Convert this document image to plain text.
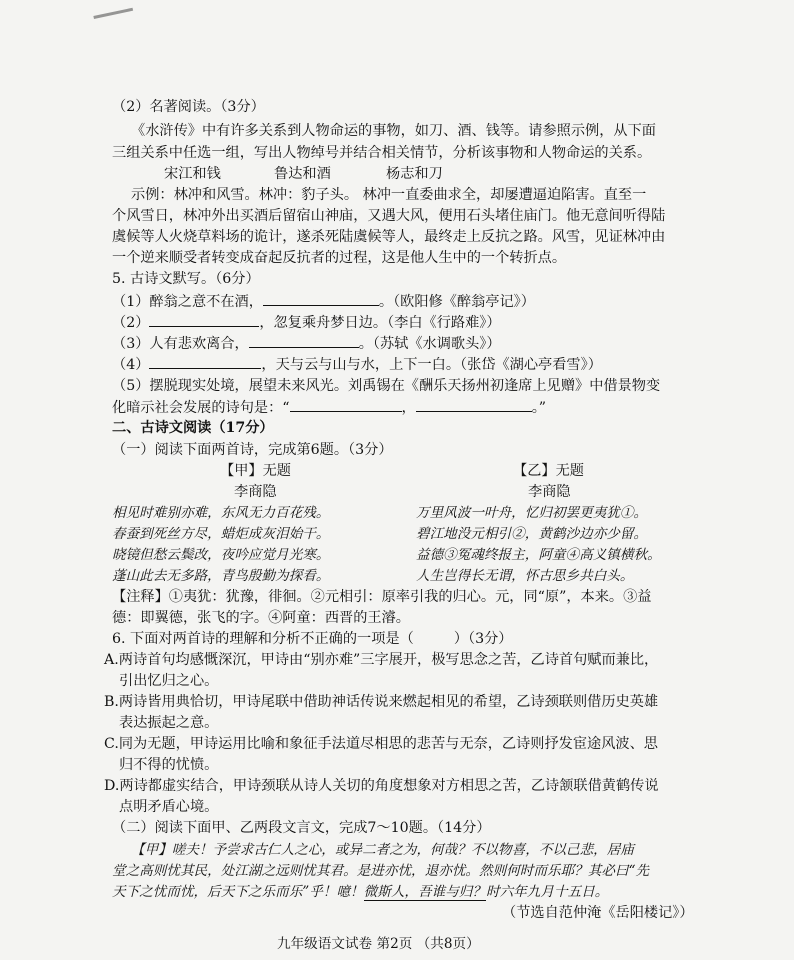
（2）名著阅读。（3分）
《水浒传》中有许多关系到人物命运的事物，如刀、酒、钱等。请参照示例，从下面
三组关系中任选一组，写出人物绰号并结合相关情节，分析该事物和人物命运的关系。
宋江和钱	鲁达和酒	杨志和刀
示例：林冲和风雪。林冲：豹子头。 林冲一直委曲求全，却屡遭逼迫陷害。直至一
个风雪日，林冲外出买酒后留宿山神庙，又遇大风，便用石头堵住庙门。他无意间听得陆
虞候等人火烧草料场的诡计，遂杀死陆虞候等人，最终走上反抗之路。风雪，见证林冲由
一个逆来顺受者转变成奋起反抗者的过程，这是他人生中的一个转折点。
5. 古诗文默写。（6分）
（1）醉翁之意不在酒，	。（欧阳修《醉翁亭记》）
（2）	，忽复乘舟梦日边。（李白《行路难》）
（3）人有悲欢离合，	。（苏轼《水调歌头》）
（4）	，天与云与山与水，上下一白。（张岱《湖心亭看雪》）
（5）摆脱现实处境，展望未来风光。刘禹锡在《酬乐天扬州初逢席上见赠》中借景物变
化暗示社会发展的诗句是：“	，	。”
二、古诗文阅读（17分）
（一）阅读下面两首诗，完成第6题。（3分）
【甲】无题
李商隐
相见时难别亦难，东风无力百花残。
春蚕到死丝方尽，蜡炬成灰泪始干。
晓镜但愁云鬓改，夜吟应觉月光寒。
蓬山此去无多路，青鸟殷勤为探看。
【乙】无题
李商隐
万里风波一叶舟，忆归初罢更夷犹①。
碧江地没元相引②，黄鹤沙边亦少留。
益德③冤魂终报主，阿童④高义镇横秋。
人生岂得长无谓，怀古思乡共白头。
【注释】①夷犹：犹豫，徘徊。②元相引：原率引我的归心。元，同“原”，本来。③益
德：即翼德，张飞的字。④阿童：西晋的王濬。
6. 下面对两首诗的理解和分析不正确的一项是（	）（3分）
A.两诗首句均感慨深沉，甲诗由“别亦难”三字展开，极写思念之苦，乙诗首句赋而兼比，
引出忆归之心。
B.两诗皆用典恰切，甲诗尾联中借助神话传说来燃起相见的希望，乙诗颈联则借历史英雄
表达振起之意。
C.同为无题，甲诗运用比喻和象征手法道尽相思的悲苦与无奈，乙诗则抒发宦途风波、思
归不得的忧愤。
D.两诗都虚实结合，甲诗颈联从诗人关切的角度想象对方相思之苦，乙诗颔联借黄鹤传说
点明矛盾心境。
（二）阅读下面甲、乙两段文言文，完成7～10题。（14分）
【甲】嗟夫！予尝求古仁人之心，或异二者之为，何哉？不以物喜，不以己悲，居庙
堂之高则忧其民，处江湖之远则忧其君。是进亦忧，退亦忧。然则何时而乐耶？其必曰“先
天下之忧而忧，后天下之乐而乐”乎！噫！微斯人，吾谁与归？时六年九月十五日。
（节选自范仲淹《岳阳楼记》）
九年级语文试卷 第2页 （共8页）
